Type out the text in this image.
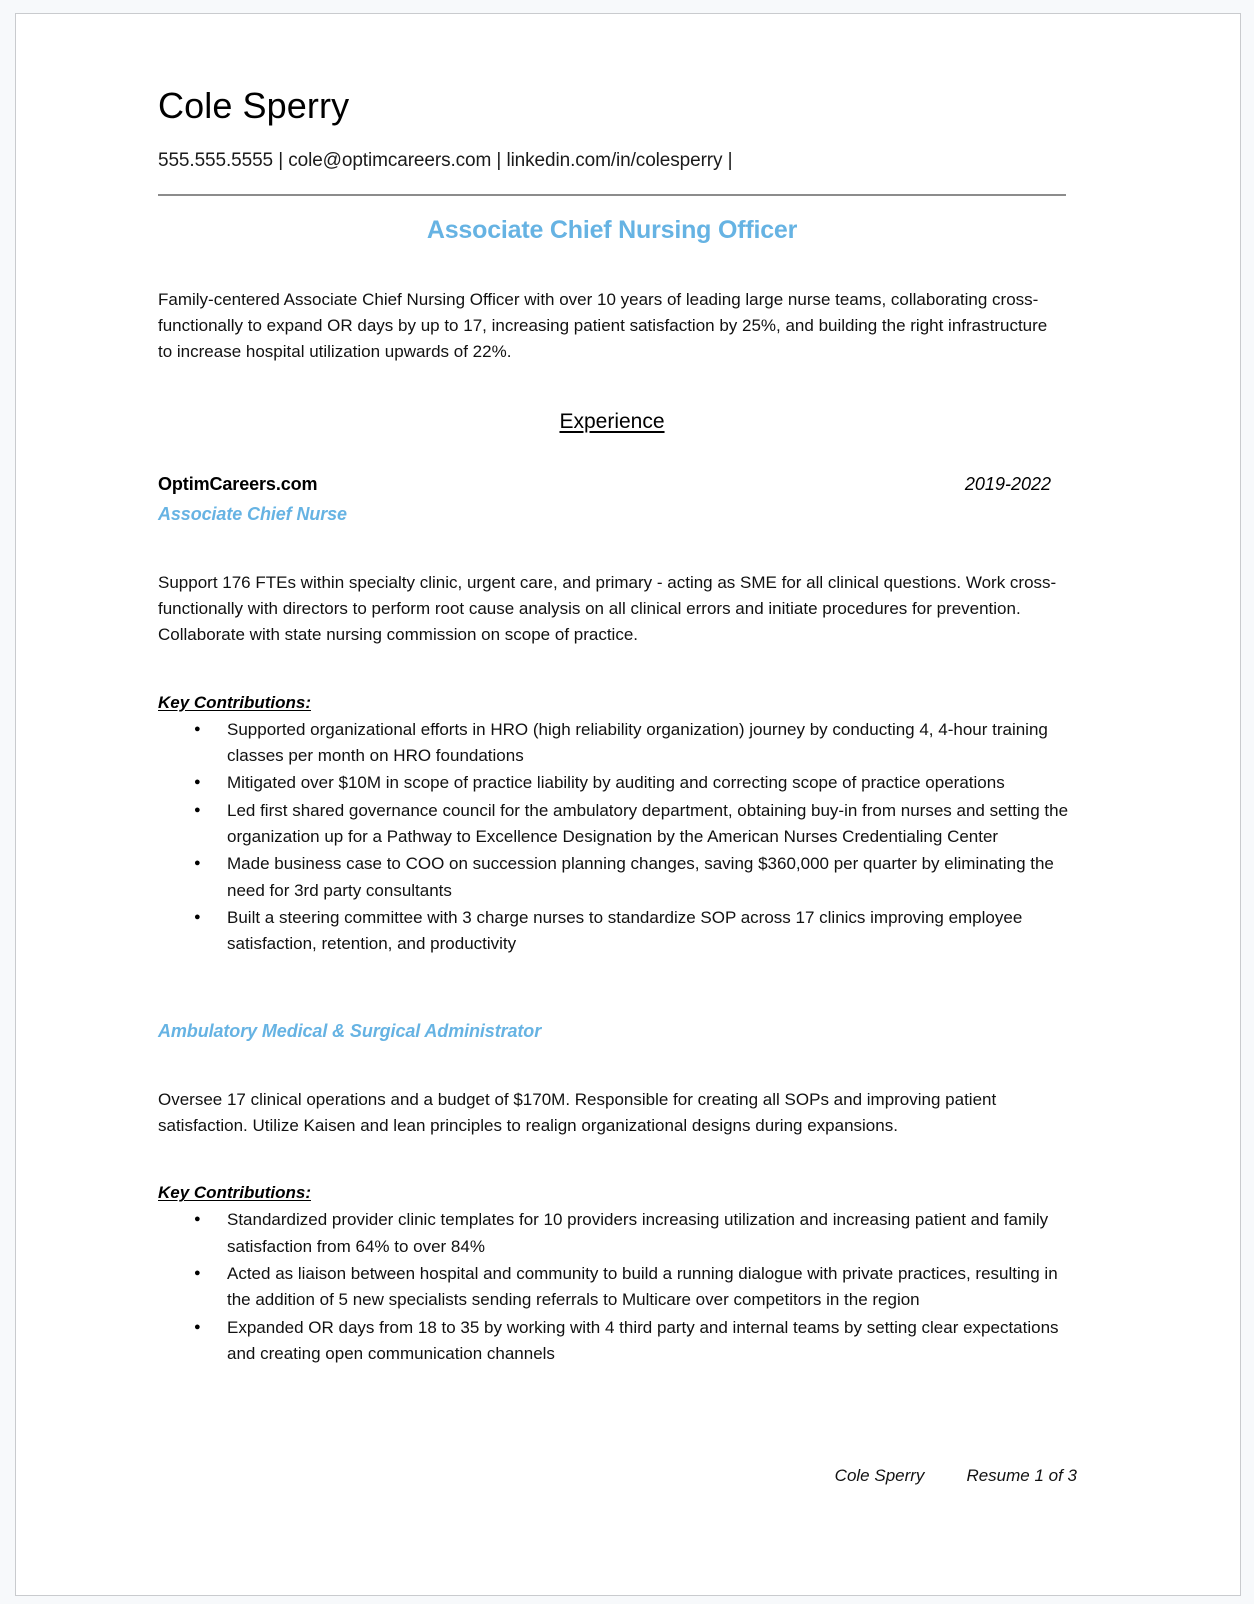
Cole Sperry
555.555.5555 | cole@optimcareers.com | linkedin.com/in/colesperry |
Associate Chief Nursing Officer

Family-centered Associate Chief Nursing Officer with over 10 years of leading large nurse teams, collaborating cross-functionally to expand OR days by up to 17, increasing patient satisfaction by 25%, and building the right infrastructure to increase hospital utilization upwards of 22%.

Experience
OptimCareers.com	2019-2022
Associate Chief Nurse

Support 176 FTEs within specialty clinic, urgent care, and primary - acting as SME for all clinical questions. Work cross-functionally with directors to perform root cause analysis on all clinical errors and initiate procedures for prevention. Collaborate with state nursing commission on scope of practice.

Key Contributions:
● Supported organizational efforts in HRO (high reliability organization) journey by conducting 4, 4-hour training classes per month on HRO foundations
● Mitigated over $10M in scope of practice liability by auditing and correcting scope of practice operations
● Led first shared governance council for the ambulatory department, obtaining buy-in from nurses and setting the organization up for a Pathway to Excellence Designation by the American Nurses Credentialing Center
● Made business case to COO on succession planning changes, saving $360,000 per quarter by eliminating the need for 3rd party consultants
● Built a steering committee with 3 charge nurses to standardize SOP across 17 clinics improving employee satisfaction, retention, and productivity
Ambulatory Medical & Surgical Administrator

Oversee 17 clinical operations and a budget of $170M. Responsible for creating all SOPs and improving patient satisfaction. Utilize Kaisen and lean principles to realign organizational designs during expansions.

Key Contributions:
● Standardized provider clinic templates for 10 providers increasing utilization and increasing patient and family satisfaction from 64% to over 84%
● Acted as liaison between hospital and community to build a running dialogue with private practices, resulting in the addition of 5 new specialists sending referrals to Multicare over competitors in the region
● Expanded OR days from 18 to 35 by working with 4 third party and internal teams by setting clear expectations and creating open communication channels
Cole Sperry Resume 1 of 3
